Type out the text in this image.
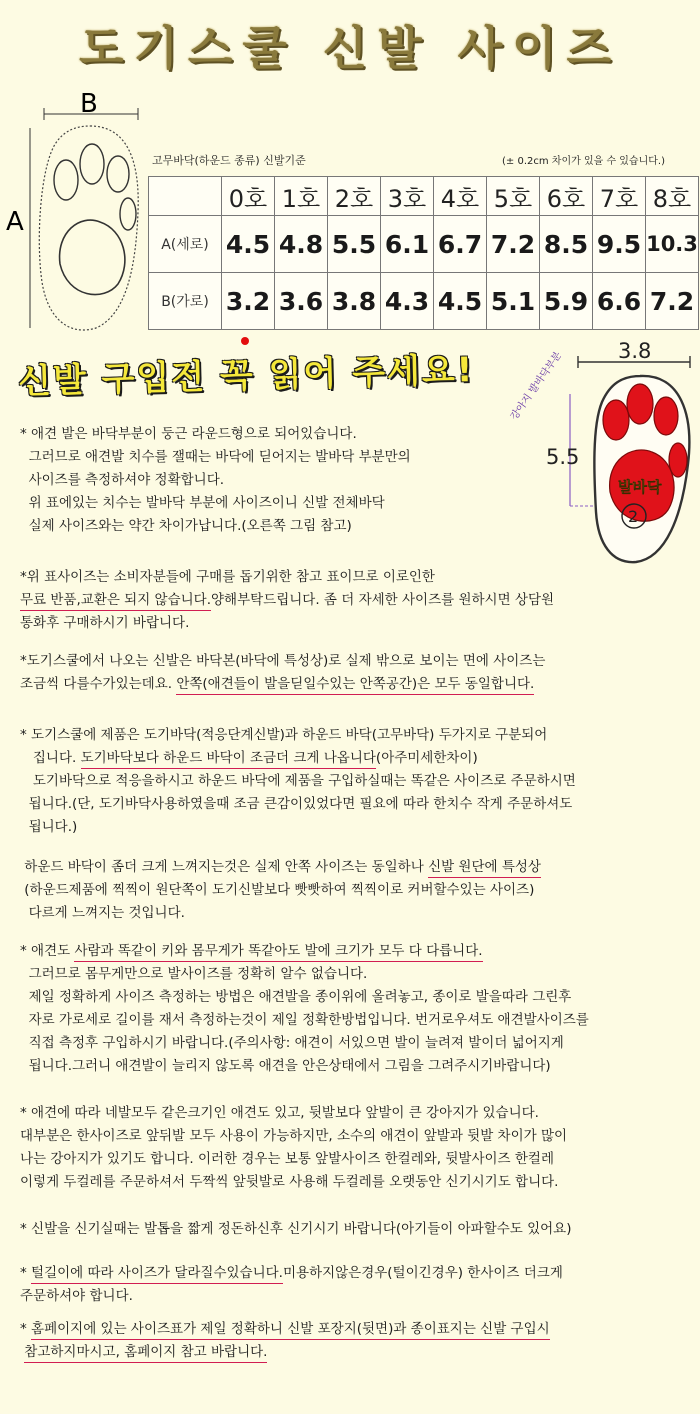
도기스쿨 신발 사이즈
B
A
고무바닥(하운드 종류) 신발기준	(± 0.2cm 차이가 있을 수 있습니다.)
	0호	1호	2호	3호	4호	5호	6호	7호	8호
A(세로)	4.5	4.8	5.5	6.1	6.7	7.2	8.5	9.5	10.3
B(가로)	3.2	3.6	3.8	4.3	4.5	5.1	5.9	6.6	7.2
신발 구입전 꼭 읽어 주세요!	3.8
5.5
발바닥
2
강아지 발바닥부분
* 애견 발은 바닥부분이 둥근 라운드형으로 되어있습니다.
그러므로 애견발 치수를 잴때는 바닥에 딛어지는 발바닥 부분만의
사이즈를 측정하셔야 정확합니다.
위 표에있는 치수는 발바닥 부분에 사이즈이니 신발 전체바닥
실제 사이즈와는 약간 차이가납니다.(오른쪽 그림 참고)
*위 표사이즈는 소비자분들에 구매를 돕기위한 참고 표이므로 이로인한
무료 반품,교환은 되지 않습니다.양해부탁드립니다. 좀 더 자세한 사이즈를 원하시면 상담원
통화후 구매하시기 바랍니다.
*도기스쿨에서 나오는 신발은 바닥본(바닥에 특성상)로 실제 밖으로 보이는 면에 사이즈는
조금씩 다를수가있는데요. 안쪽(애견들이 발을딛일수있는 안쪽공간)은 모두 동일합니다.
* 도기스쿨에 제품은 도기바닥(적응단계신발)과 하운드 바닥(고무바닥) 두가지로 구분되어
집니다. 도기바닥보다 하운드 바닥이 조금더 크게 나옵니다(아주미세한차이)
도기바닥으로 적응을하시고 하운드 바닥에 제품을 구입하실때는 똑같은 사이즈로 주문하시면
됩니다.(단, 도기바닥사용하였을때 조금 큰감이있었다면 필요에 따라 한치수 작게 주문하셔도
됩니다.)
하운드 바닥이 좀더 크게 느껴지는것은 실제 안쪽 사이즈는 동일하나 신발 원단에 특성상
(하운드제품에 찍찍이 원단쪽이 도기신발보다 빳빳하여 찍찍이로 커버할수있는 사이즈)
다르게 느껴지는 것입니다.
* 애견도 사람과 똑같이 키와 몸무게가 똑같아도 발에 크기가 모두 다 다릅니다.
그러므로 몸무게만으로 발사이즈를 정확히 알수 없습니다.
제일 정확하게 사이즈 측정하는 방법은 애견발을 종이위에 올려놓고, 종이로 발을따라 그린후
자로 가로세로 길이를 재서 측정하는것이 제일 정확한방법입니다. 번거로우셔도 애견발사이즈를
직접 측정후 구입하시기 바랍니다.(주의사항: 애견이 서있으면 발이 늘려져 발이더 넓어지게
됩니다.그러니 애견발이 늘리지 않도록 애견을 안은상태에서 그림을 그려주시기바랍니다)
* 애견에 따라 네발모두 같은크기인 애견도 있고, 뒷발보다 앞발이 큰 강아지가 있습니다.
대부분은 한사이즈로 앞뒤발 모두 사용이 가능하지만, 소수의 애견이 앞발과 뒷발 차이가 많이
나는 강아지가 있기도 합니다. 이러한 경우는 보통 앞발사이즈 한컬레와, 뒷발사이즈 한컬레
이렇게 두컬레를 주문하셔서 두짝씩 앞뒷발로 사용해 두컬레를 오랫동안 신기시기도 합니다.
* 신발을 신기실때는 발톱을 짧게 정돈하신후 신기시기 바랍니다(아기들이 아파할수도 있어요)
* 털길이에 따라 사이즈가 달라질수있습니다.미용하지않은경우(털이긴경우) 한사이즈 더크게
주문하셔야 합니다.
* 홈페이지에 있는 사이즈표가 제일 정확하니 신발 포장지(뒷면)과 종이표지는 신발 구입시
참고하지마시고, 홈페이지 참고 바랍니다.
